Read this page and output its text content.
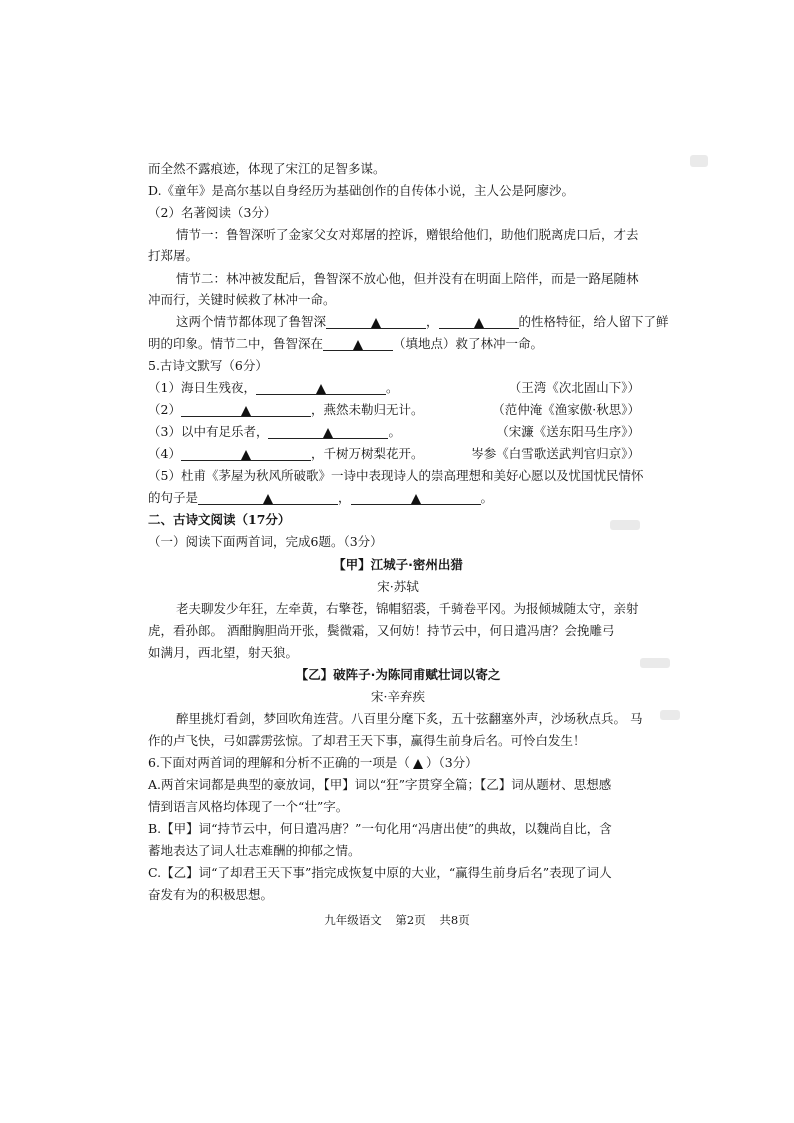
而全然不露痕迹，体现了宋江的足智多谋。
D.《童年》是高尔基以自身经历为基础创作的自传体小说，主人公是阿廖沙。
（2）名著阅读（3分）
情节一：鲁智深听了金家父女对郑屠的控诉，赠银给他们，助他们脱离虎口后，才去
打郑屠。
情节二：林冲被发配后，鲁智深不放心他，但并没有在明面上陪伴，而是一路尾随林
冲而行，关键时候救了林冲一命。
这两个情节都体现了鲁智深	，	的性格特征，给人留下了鲜
明的印象。情节二中，鲁智深在	（填地点）救了林冲一命。
5.古诗文默写（6分）
（1）海日生残夜，	。	（王湾《次北固山下》）
（2）	，燕然未勒归无计。	（范仲淹《渔家傲·秋思》）
（3）以中有足乐者，	。	（宋濂《送东阳马生序》）
（4）	，千树万树梨花开。	岑参《白雪歌送武判官归京》）
（5）杜甫《茅屋为秋风所破歌》一诗中表现诗人的崇高理想和美好心愿以及忧国忧民情怀
的句子是	，	。
二、古诗文阅读（17分）
（一）阅读下面两首词，完成6题。（3分）
【甲】江城子·密州出猎
宋·苏轼
老夫聊发少年狂，左牵黄，右擎苍，锦帽貂裘，千骑卷平冈。为报倾城随太守，亲射
虎，看孙郎。 酒酣胸胆尚开张，鬓微霜，又何妨！持节云中，何日遣冯唐？会挽雕弓
如满月，西北望，射天狼。
【乙】破阵子·为陈同甫赋壮词以寄之
宋·辛弃疾
醉里挑灯看剑，梦回吹角连营。八百里分麾下炙，五十弦翻塞外声，沙场秋点兵。 马
作的卢飞快，弓如霹雳弦惊。了却君王天下事，赢得生前身后名。可怜白发生！
6.下面对两首词的理解和分析不正确的一项是（ ）（3分）
A.两首宋词都是典型的豪放词，【甲】词以“狂”字贯穿全篇；【乙】词从题材、思想感
情到语言风格均体现了一个“壮”字。
B.【甲】词“持节云中，何日遣冯唐？”一句化用“冯唐出使”的典故，以魏尚自比，含
蓄地表达了词人壮志难酬的抑郁之情。
C.【乙】词“了却君王天下事”指完成恢复中原的大业，“赢得生前身后名”表现了词人
奋发有为的积极思想。
九年级语文 第2页 共8页
